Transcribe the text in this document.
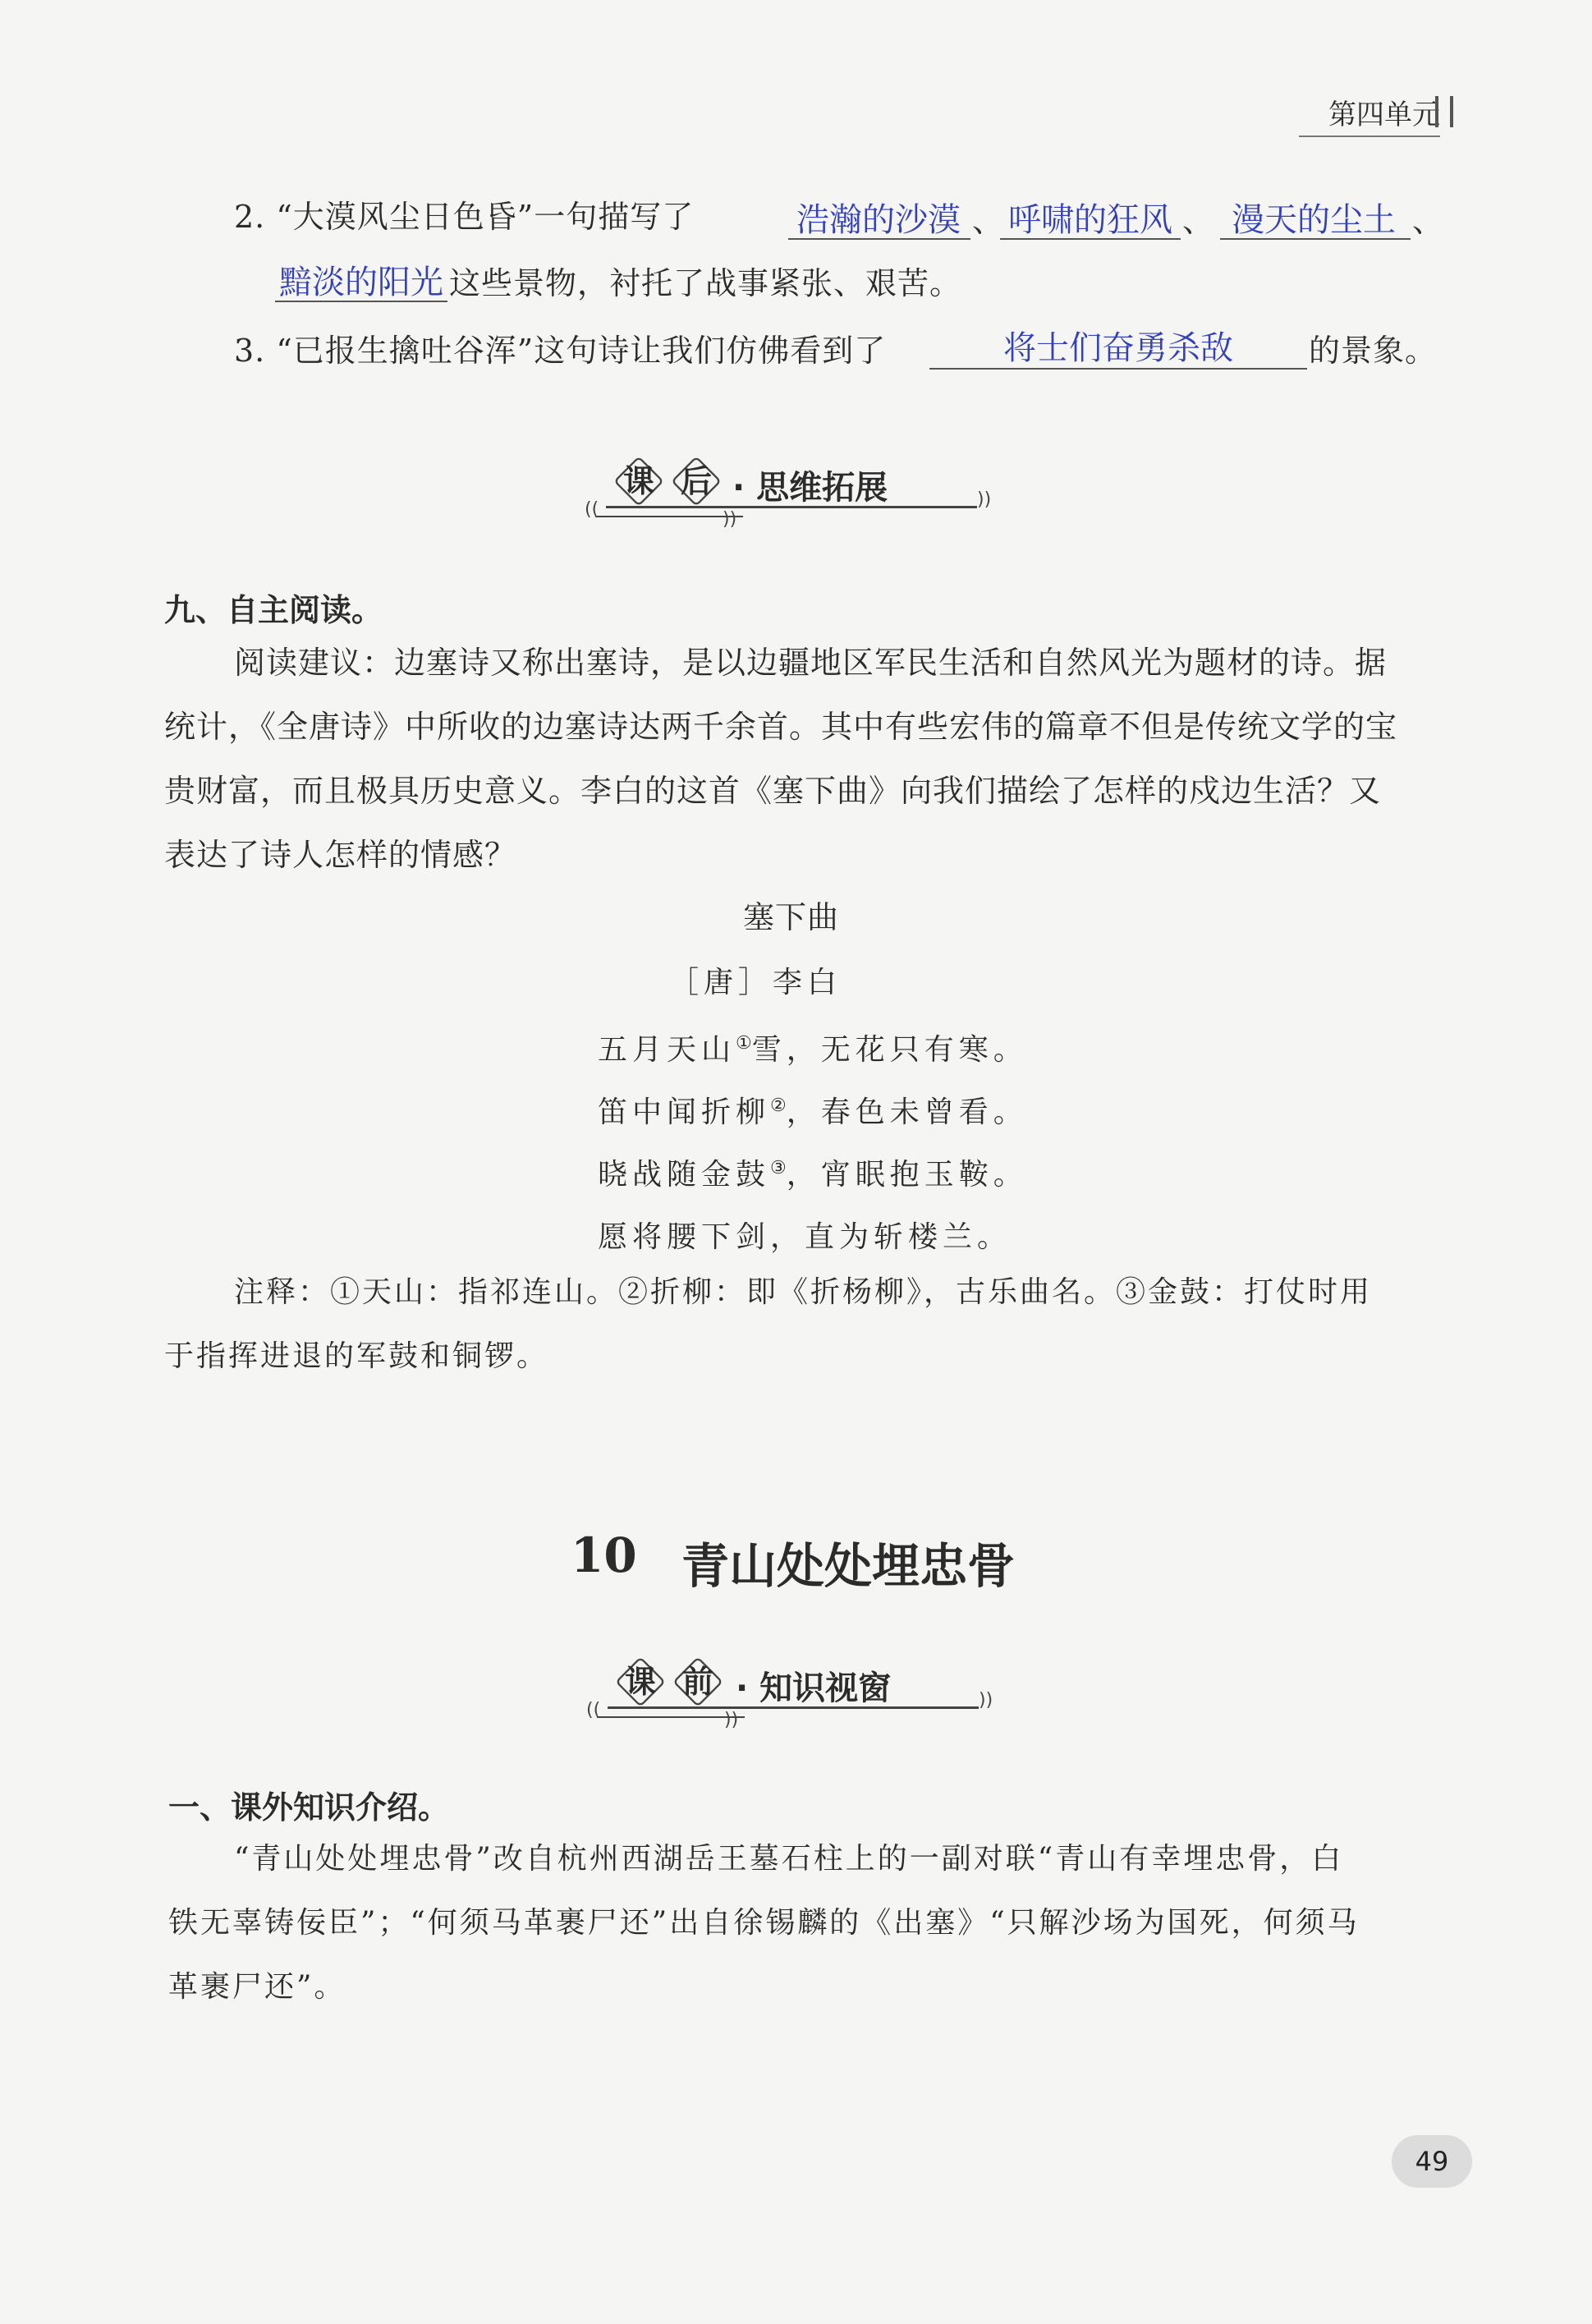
第四单元
2. “大漠风尘日色昏”一句描写了	浩瀚的沙漠 、 呼啸的狂风 、 漫天的尘土 、
黯淡的阳光 这些景物，衬托了战事紧张、艰苦。
3. “已报生擒吐谷浑”这句诗让我们仿佛看到了	将士们奋勇杀敌 的景象。
课 后 · 思维拓展
((	))
))
九、自主阅读。
阅读建议：边塞诗又称出塞诗，是以边疆地区军民生活和自然风光为题材的诗。据
统计，《全唐诗》中所收的边塞诗达两千余首。其中有些宏伟的篇章不但是传统文学的宝
贵财富，而且极具历史意义。李白的这首《塞下曲》向我们描绘了怎样的戍边生活？又
表达了诗人怎样的情感？
塞下曲
［唐］李白
五月天山①雪，无花只有寒。
笛中闻折柳②，春色未曾看。
晓战随金鼓③，宵眠抱玉鞍。
愿将腰下剑，直为斩楼兰。
注释：①天山：指祁连山。②折柳：即《折杨柳》，古乐曲名。③金鼓：打仗时用
于指挥进退的军鼓和铜锣。
10 青山处处埋忠骨
课 前 · 知识视窗
((	))
))
一、课外知识介绍。
“青山处处埋忠骨”改自杭州西湖岳王墓石柱上的一副对联“青山有幸埋忠骨，白
铁无辜铸佞臣”；“何须马革裹尸还”出自徐锡麟的《出塞》“只解沙场为国死，何须马
革裹尸还”。
49
